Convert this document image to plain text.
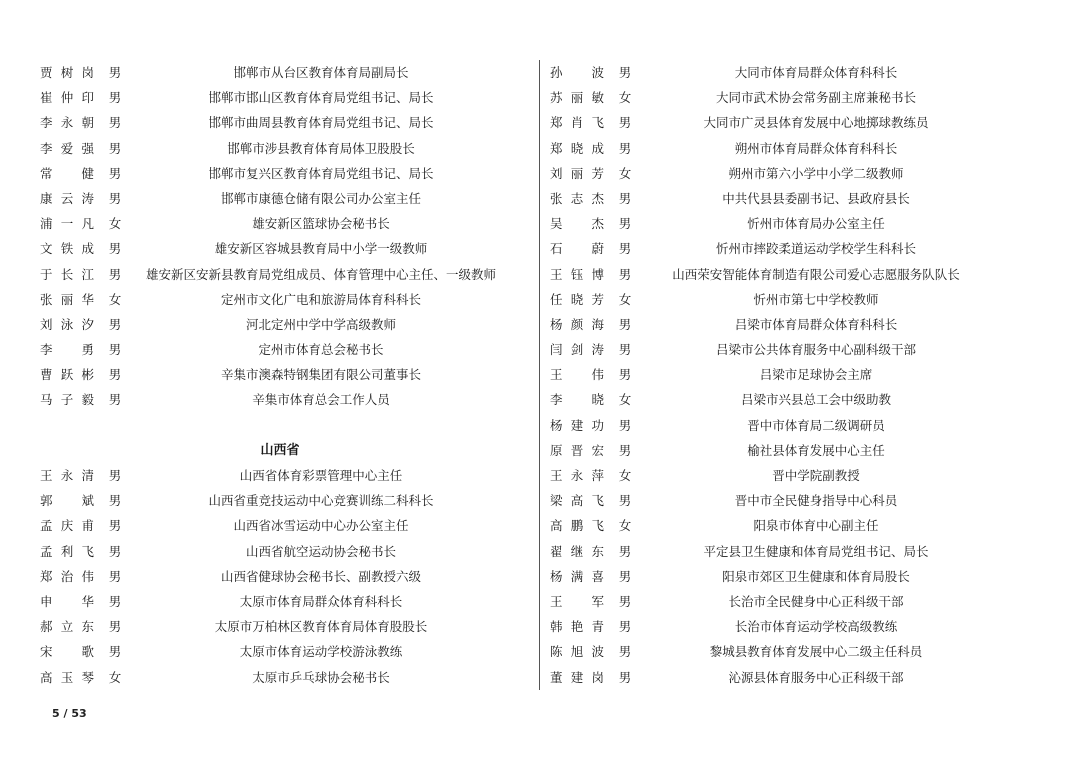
贾树岗 男	邯郸市从台区教育体育局副局长
崔仲印 男	邯郸市邯山区教育体育局党组书记、局长
李永朝 男	邯郸市曲周县教育体育局党组书记、局长
李爱强 男	邯郸市涉县教育体育局体卫股股长
常　健 男	邯郸市复兴区教育体育局党组书记、局长
康云涛 男	邯郸市康德仓储有限公司办公室主任
浦一凡 女	雄安新区篮球协会秘书长
文铁成 男	雄安新区容城县教育局中小学一级教师
于长江 男	雄安新区安新县教育局党组成员、体育管理中心主任、一级教师
张丽华 女	定州市文化广电和旅游局体育科科长
刘泳汐 男	河北定州中学中学高级教师
李　勇 男	定州市体育总会秘书长
曹跃彬 男	辛集市澳森特钢集团有限公司董事长
马子毅 男	辛集市体育总会工作人员
山西省
王永清 男	山西省体育彩票管理中心主任
郭　斌 男	山西省重竞技运动中心竞赛训练二科科长
孟庆甫 男	山西省冰雪运动中心办公室主任
孟利飞 男	山西省航空运动协会秘书长
郑治伟 男	山西省健球协会秘书长、副教授六级
申　华 男	太原市体育局群众体育科科长
郝立东 男	太原市万柏林区教育体育局体育股股长
宋　歌 男	太原市体育运动学校游泳教练
高玉琴 女	太原市乒乓球协会秘书长
孙　波 男	大同市体育局群众体育科科长
苏丽敏 女	大同市武术协会常务副主席兼秘书长
郑肖飞 男	大同市广灵县体育发展中心地掷球教练员
郑晓成 男	朔州市体育局群众体育科科长
刘丽芳 女	朔州市第六小学中小学二级教师
张志杰 男	中共代县县委副书记、县政府县长
吴　杰 男	忻州市体育局办公室主任
石　蔚 男	忻州市摔跤柔道运动学校学生科科长
王钰博 男	山西荣安智能体育制造有限公司爱心志愿服务队队长
任晓芳 女	忻州市第七中学校教师
杨颜海 男	吕梁市体育局群众体育科科长
闫剑涛 男	吕梁市公共体育服务中心副科级干部
王　伟 男	吕梁市足球协会主席
李　晓 女	吕梁市兴县总工会中级助教
杨建功 男	晋中市体育局二级调研员
原晋宏 男	榆社县体育发展中心主任
王永萍 女	晋中学院副教授
梁高飞 男	晋中市全民健身指导中心科员
高鹏飞 女	阳泉市体育中心副主任
翟继东 男	平定县卫生健康和体育局党组书记、局长
杨满喜 男	阳泉市郊区卫生健康和体育局股长
王　军 男	长治市全民健身中心正科级干部
韩艳青 男	长治市体育运动学校高级教练
陈旭波 男	黎城县教育体育发展中心二级主任科员
董建岗 男	沁源县体育服务中心正科级干部
5 / 53
